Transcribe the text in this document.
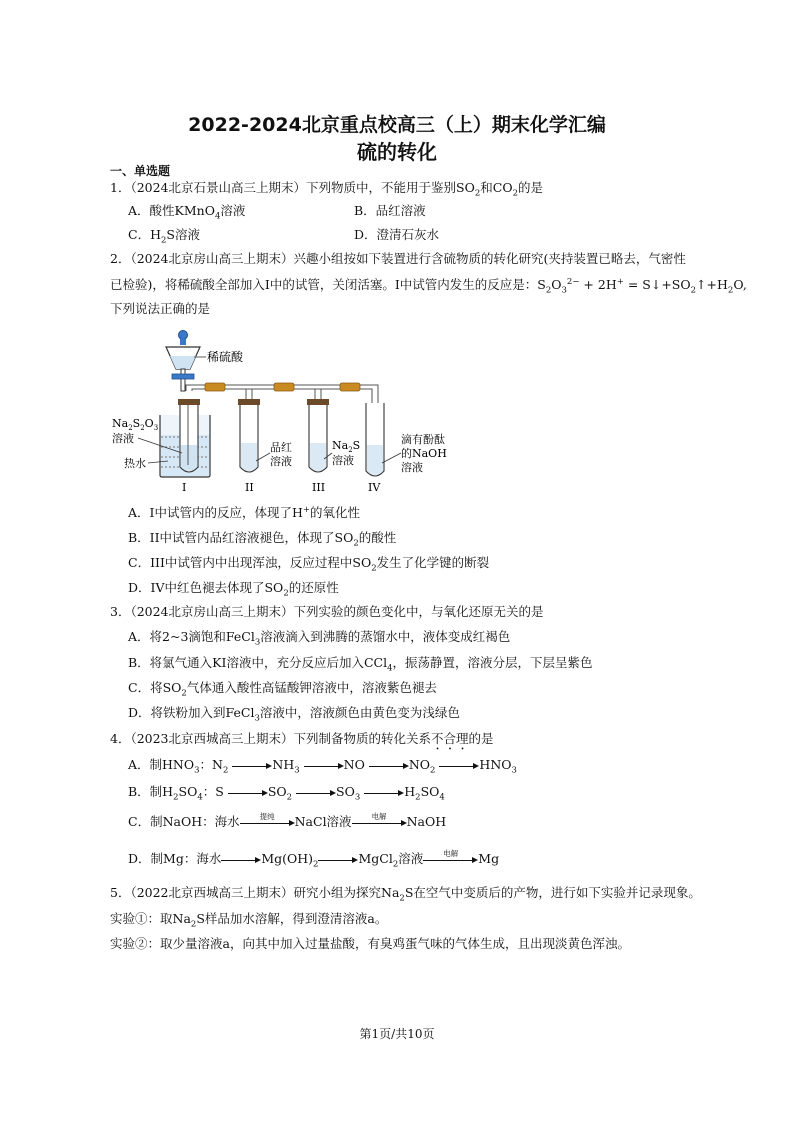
2022-2024北京重点校高三（上）期末化学汇编
硫的转化
一、单选题
1．（2024北京石景山高三上期末）下列物质中，不能用于鉴别$SO_2$和$CO_2$的是
A．酸性KMnO$_4$溶液	B．品红溶液
C．$H_2S$溶液	D．澄清石灰水
2．（2024北京房山高三上期末）兴趣小组按如下装置进行含硫物质的转化研究(夹持装置已略去，气密性
已检验)，将稀硫酸全部加入Ⅰ中的试管，关闭活塞。Ⅰ中试管内发生的反应是：$S_2O_3^{2-} + 2H^+$ = $S↓+SO_2↑+H_2O$,
下列说法正确的是
稀硫酸
$Na_2S_2O_3$
溶液
热水
品红
溶液
$Na_2S$
溶液
滴有酚酞
的NaOH
溶液
I	II	III	IV
A．I中试管内的反应，体现了H+的氧化性
B．II中试管内品红溶液褪色，体现了$SO_2$的酸性
C．III中试管内中出现浑浊，反应过程中$SO_2$发生了化学键的断裂
D．IV中红色褪去体现了$SO_2$的还原性
3．（2024北京房山高三上期末）下列实验的颜色变化中，与氧化还原无关的是
A．将2~3滴饱和FeCl$_3$溶液滴入到沸腾的蒸馏水中，液体变成红褐色
B．将氯气通入KI溶液中，充分反应后加入CCl$_4$，振荡静置，溶液分层，下层呈紫色
C．将$SO_2$气体通入酸性高锰酸钾溶液中，溶液紫色褪去
D．将铁粉加入到FeCl$_3$溶液中，溶液颜色由黄色变为浅绿色
4．（2023北京西城高三上期末）下列制备物质的转化关系不合理的是
A．制$HNO_3$：$N_2$	$NH_3$	NO	$NO_2$	$HNO_3$
B．制$H_2SO_4$：S	$SO_2$	$SO_3$	$H_2SO_4$
C．制NaOH：海水	提纯	NaCl溶液	电解	NaOH
D．制Mg：海水	$Mg(OH)_2$	MgCl$_2$溶液	电解	Mg
5．（2022北京西城高三上期末）研究小组为探究$Na_2S$在空气中变质后的产物，进行如下实验并记录现象。
实验①：取$Na_2S$样品加水溶解，得到澄清溶液a。
实验②：取少量溶液a，向其中加入过量盐酸，有臭鸡蛋气味的气体生成，且出现淡黄色浑浊。
第1页/共10页
